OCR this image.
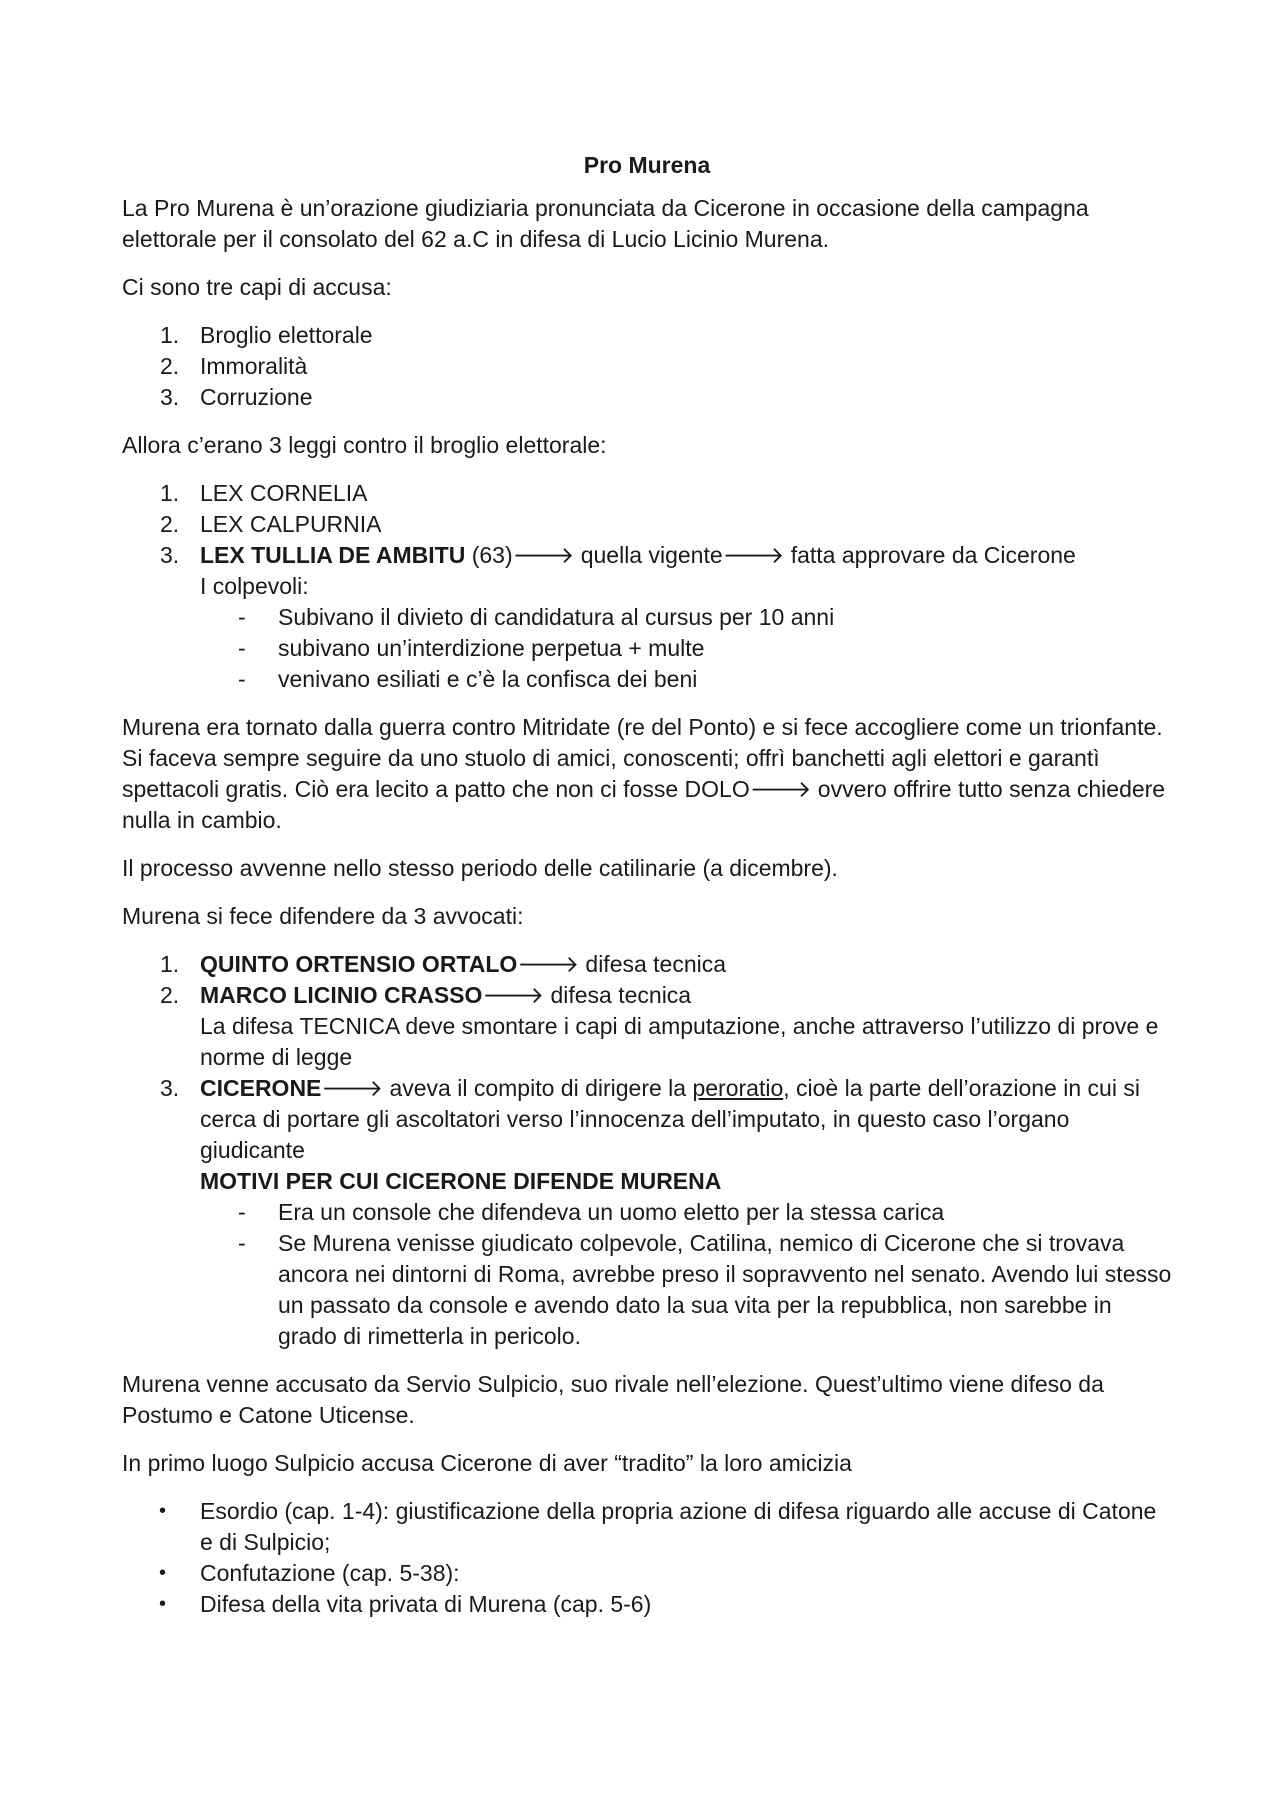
Pro Murena

La Pro Murena è un’orazione giudiziaria pronunciata da Cicerone in occasione della campagna elettorale per il consolato del 62 a.C in difesa di Lucio Licinio Murena.

Ci sono tre capi di accusa:

1. Broglio elettorale
2. Immoralità
3. Corruzione

Allora c’erano 3 leggi contro il broglio elettorale:

1. LEX CORNELIA
2. LEX CALPURNIA
3. LEX TULLIA DE AMBITU (63)🡒 quella vigente🡒 fatta approvare da Cicerone
I colpevoli:
- Subivano il divieto di candidatura al cursus per 10 anni
- subivano un’interdizione perpetua + multe
- venivano esiliati e c’è la confisca dei beni

Murena era tornato dalla guerra contro Mitridate (re del Ponto) e si fece accogliere come un trionfante. Si faceva sempre seguire da uno stuolo di amici, conoscenti; offrì banchetti agli elettori e garantì spettacoli gratis. Ciò era lecito a patto che non ci fosse DOLO🡒 ovvero offrire tutto senza chiedere nulla in cambio.

Il processo avvenne nello stesso periodo delle catilinarie (a dicembre).

Murena si fece difendere da 3 avvocati:

1. QUINTO ORTENSIO ORTALO🡒 difesa tecnica
2. MARCO LICINIO CRASSO🡒 difesa tecnica
La difesa TECNICA deve smontare i capi di amputazione, anche attraverso l’utilizzo di prove e norme di legge
3. CICERONE🡒 aveva il compito di dirigere la peroratio, cioè la parte dell’orazione in cui si cerca di portare gli ascoltatori verso l’innocenza dell’imputato, in questo caso l’organo giudicante
MOTIVI PER CUI CICERONE DIFENDE MURENA
- Era un console che difendeva un uomo eletto per la stessa carica
- Se Murena venisse giudicato colpevole, Catilina, nemico di Cicerone che si trovava ancora nei dintorni di Roma, avrebbe preso il sopravvento nel senato. Avendo lui stesso un passato da console e avendo dato la sua vita per la repubblica, non sarebbe in grado di rimetterla in pericolo.

Murena venne accusato da Servio Sulpicio, suo rivale nell’elezione. Quest’ultimo viene difeso da Postumo e Catone Uticense.

In primo luogo Sulpicio accusa Cicerone di aver “tradito” la loro amicizia

• Esordio (cap. 1-4): giustificazione della propria azione di difesa riguardo alle accuse di Catone e di Sulpicio;
• Confutazione (cap. 5-38):
• Difesa della vita privata di Murena (cap. 5-6)
